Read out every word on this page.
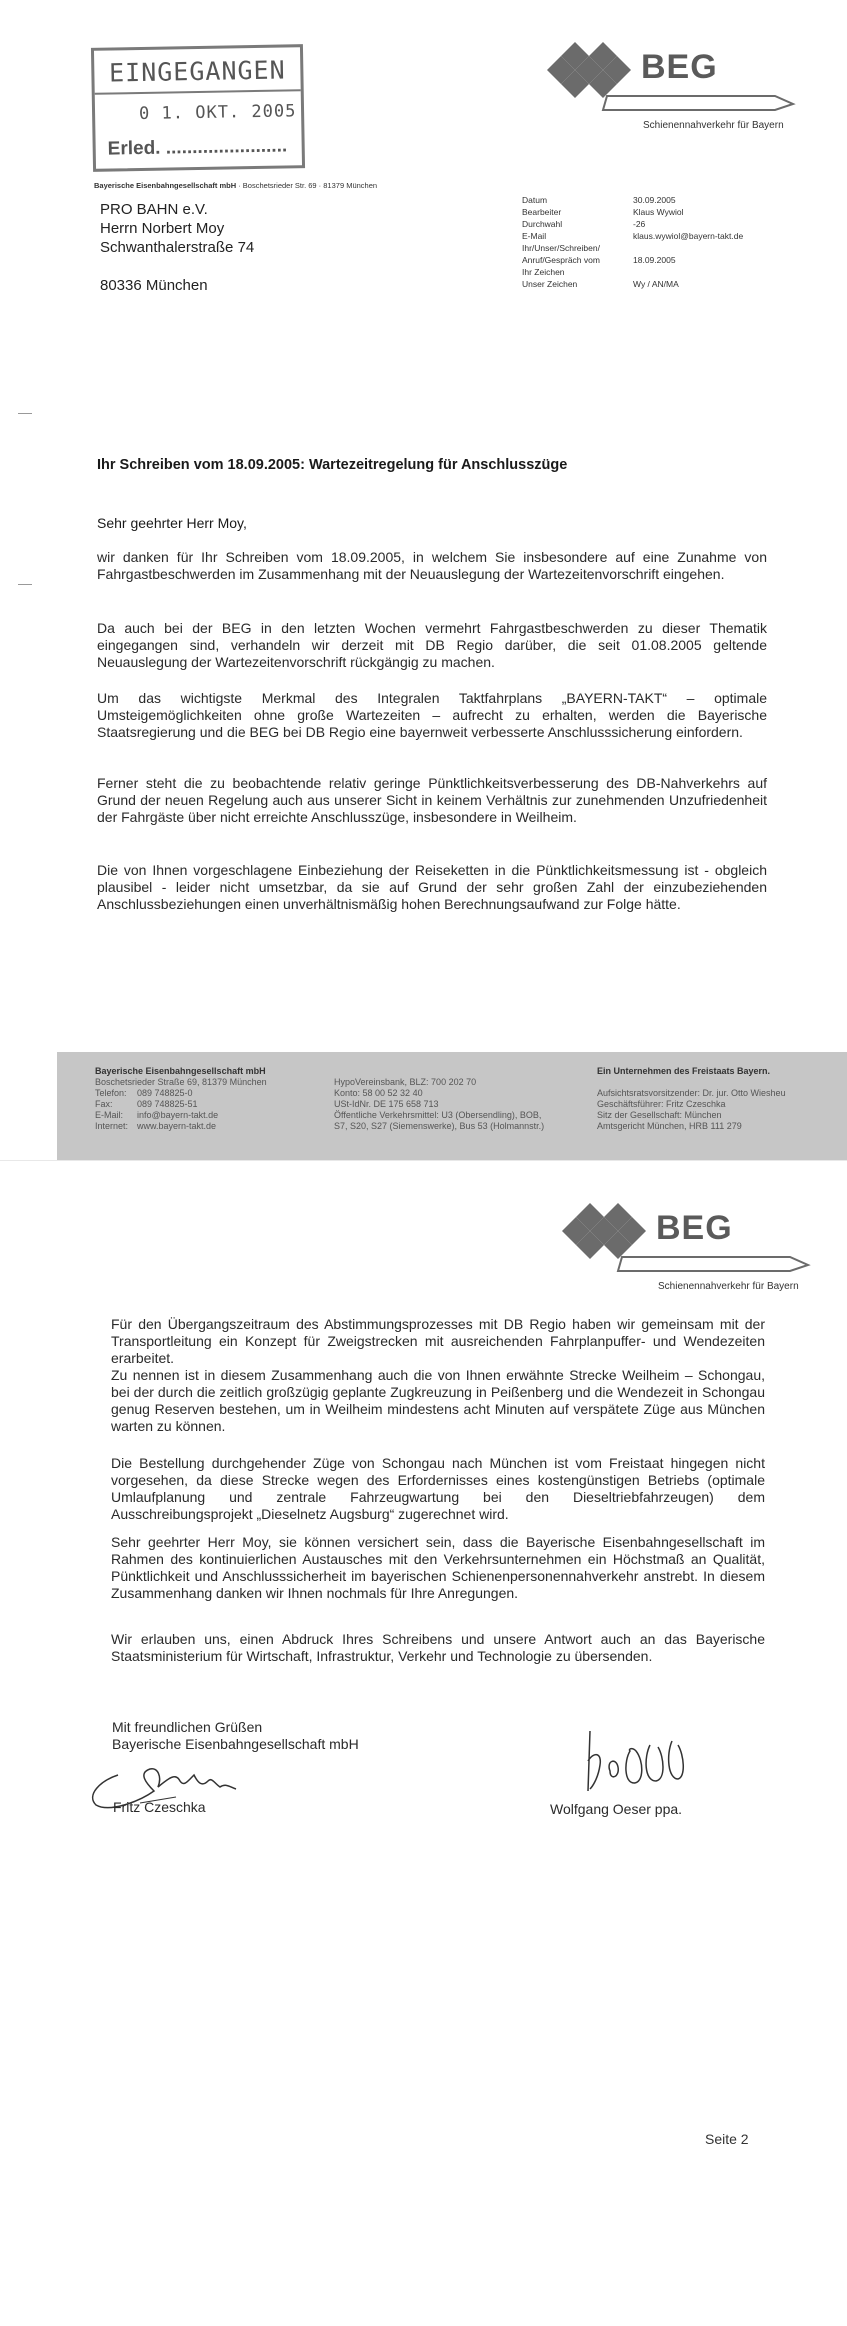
EINGEGANGEN
0 1. OKT. 2005
Erled. .......................
BEG
Schienennahverkehr für Bayern
Bayerische Eisenbahngesellschaft mbH · Boschetsrieder Str. 69 · 81379 München
PRO BAHN e.V.
Herrn Norbert Moy
Schwanthalerstraße 74
80336 München
Datum	30.09.2005
Bearbeiter	Klaus Wywiol
Durchwahl	-26
E-Mail	klaus.wywiol@bayern-takt.de
Ihr/Unser/Schreiben/
Anruf/Gespräch vom	18.09.2005
Ihr Zeichen
Unser Zeichen	Wy / AN/MA
Ihr Schreiben vom 18.09.2005: Wartezeitregelung für Anschlusszüge
Sehr geehrter Herr Moy,
wir danken für Ihr Schreiben vom 18.09.2005, in welchem Sie insbesondere auf eine Zunahme von Fahrgastbeschwerden im Zusammenhang mit der Neuauslegung der Wartezeitenvorschrift eingehen.
Da auch bei der BEG in den letzten Wochen vermehrt Fahrgastbeschwerden zu dieser Thematik eingegangen sind, verhandeln wir derzeit mit DB Regio darüber, die seit 01.08.2005 geltende Neuauslegung der Wartezeitenvorschrift rückgängig zu machen.
Um das wichtigste Merkmal des Integralen Taktfahrplans „BAYERN-TAKT“ – optimale Umsteigemöglichkeiten ohne große Wartezeiten – aufrecht zu erhalten, werden die Bayerische Staatsregierung und die BEG bei DB Regio eine bayernweit verbesserte Anschlusssicherung einfordern.
Ferner steht die zu beobachtende relativ geringe Pünktlichkeitsverbesserung des DB-Nahverkehrs auf Grund der neuen Regelung auch aus unserer Sicht in keinem Verhältnis zur zunehmenden Unzufriedenheit der Fahrgäste über nicht erreichte Anschlusszüge, insbesondere in Weilheim.
Die von Ihnen vorgeschlagene Einbeziehung der Reiseketten in die Pünktlichkeitsmessung ist - obgleich plausibel - leider nicht umsetzbar, da sie auf Grund der sehr großen Zahl der einzubeziehenden Anschlussbeziehungen einen unverhältnismäßig hohen Berechnungsaufwand zur Folge hätte.
Bayerische Eisenbahngesellschaft mbH
Boschetsrieder Straße 69, 81379 München
Telefon: 089 748825-0
Fax:	089 748825-51
E-Mail: info@bayern-takt.de
Internet: www.bayern-takt.de
HypoVereinsbank, BLZ: 700 202 70
Konto: 58 00 52 32 40
USt-IdNr. DE 175 658 713
Öffentliche Verkehrsmittel: U3 (Obersendling), BOB,
S7, S20, S27 (Siemenswerke), Bus 53 (Holmannstr.)
Ein Unternehmen des Freistaats Bayern.
Aufsichtsratsvorsitzender: Dr. jur. Otto Wiesheu
Geschäftsführer: Fritz Czeschka
Sitz der Gesellschaft: München
Amtsgericht München, HRB 111 279
BEG
Schienennahverkehr für Bayern
Für den Übergangszeitraum des Abstimmungsprozesses mit DB Regio haben wir gemeinsam mit der Transportleitung ein Konzept für Zweigstrecken mit ausreichenden Fahrplanpuffer- und Wendezeiten erarbeitet.
Zu nennen ist in diesem Zusammenhang auch die von Ihnen erwähnte Strecke Weilheim – Schongau, bei der durch die zeitlich großzügig geplante Zugkreuzung in Peißenberg und die Wendezeit in Schongau genug Reserven bestehen, um in Weilheim mindestens acht Minuten auf verspätete Züge aus München warten zu können.
Die Bestellung durchgehender Züge von Schongau nach München ist vom Freistaat hingegen nicht vorgesehen, da diese Strecke wegen des Erfordernisses eines kostengünstigen Betriebs (optimale Umlaufplanung und zentrale Fahrzeugwartung bei den Dieseltriebfahrzeugen) dem Ausschreibungsprojekt „Dieselnetz Augsburg“ zugerechnet wird.
Sehr geehrter Herr Moy, sie können versichert sein, dass die Bayerische Eisenbahngesellschaft im Rahmen des kontinuierlichen Austausches mit den Verkehrsunternehmen ein Höchstmaß an Qualität, Pünktlichkeit und Anschlusssicherheit im bayerischen Schienenpersonennahverkehr anstrebt. In diesem Zusammenhang danken wir Ihnen nochmals für Ihre Anregungen.
Wir erlauben uns, einen Abdruck Ihres Schreibens und unsere Antwort auch an das Bayerische Staatsministerium für Wirtschaft, Infrastruktur, Verkehr und Technologie zu übersenden.
Mit freundlichen Grüßen
Bayerische Eisenbahngesellschaft mbH
Fritz Czeschka	Wolfgang Oeser ppa.
Seite 2
